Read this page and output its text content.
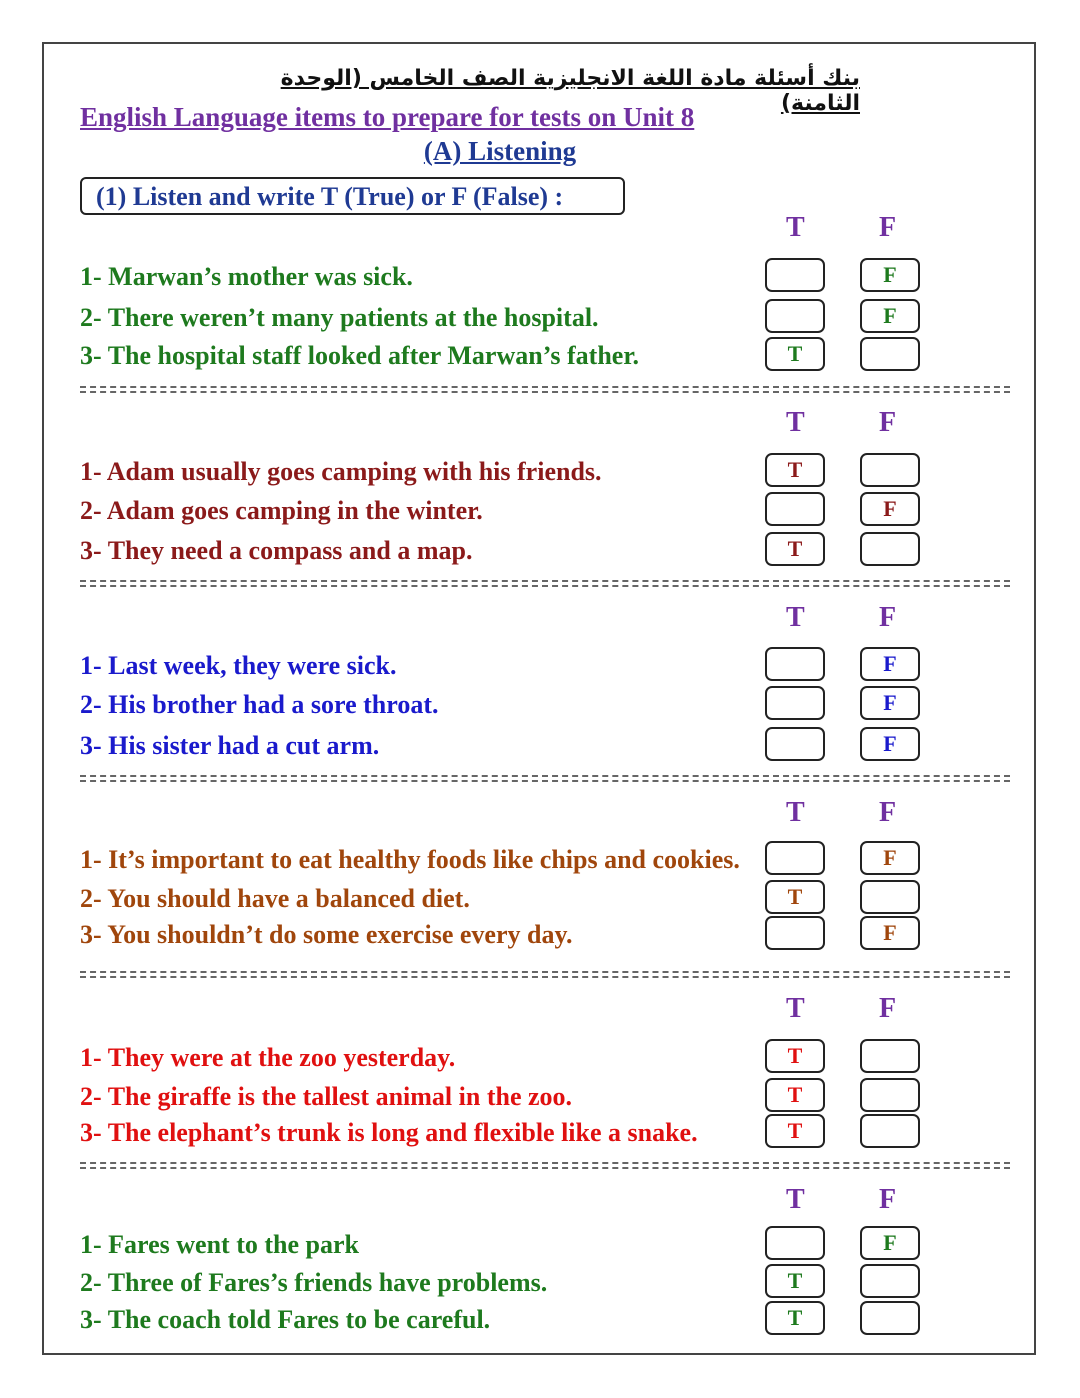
بنك أسئلة مادة اللغة الانجليزية الصف الخامس (الوحدة الثامنة)
English Language items to prepare for tests on Unit 8
(A) Listening
(1) Listen and write T (True) or F (False) :
T	F
1- Marwan’s mother was sick.	F
2- There weren’t many patients at the hospital.	F
3- The hospital staff looked after Marwan’s father.	T
T	F
1- Adam usually goes camping with his friends.	T
2- Adam goes camping in the winter.	F
3- They need a compass and a map.	T
T	F
1- Last week, they were sick.	F
2- His brother had a sore throat.	F
3- His sister had a cut arm.	F
T	F
1- It’s important to eat healthy foods like chips and cookies.	F
2- You should have a balanced diet.	T
3- You shouldn’t do some exercise every day.	F
T	F
1- They were at the zoo yesterday.	T
2- The giraffe is the tallest animal in the zoo.	T
3- The elephant’s trunk is long and flexible like a snake.	T
T	F
1- Fares went to the park	F
2- Three of Fares’s friends have problems.	T
3- The coach told Fares to be careful.	T
